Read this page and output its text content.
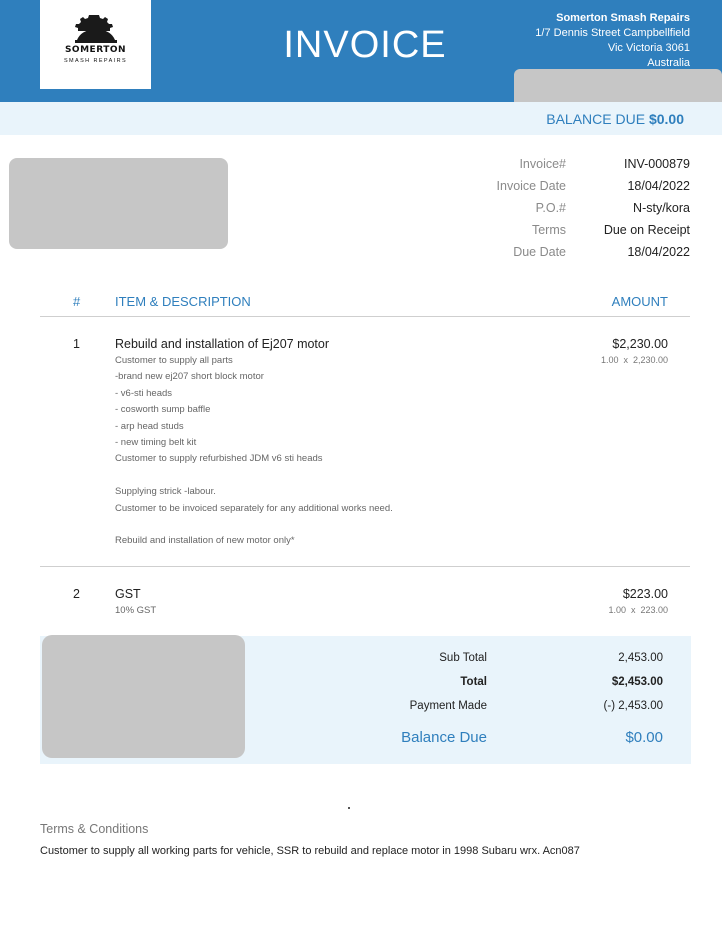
SOMERTON
SMASH REPAIRS	INVOICE
Somerton Smash Repairs
1/7 Dennis Street Campbellfield
Vic Victoria 3061
Australia
BALANCE DUE $0.00
Invoice#	INV-000879
Invoice Date	18/04/2022
P.O.#	N-sty/kora
Terms	Due on Receipt
Due Date	18/04/2022
#	ITEM & DESCRIPTION	AMOUNT
1	Rebuild and installation of Ej207 motor	$2,230.00
1.00  x  2,230.00
Customer to supply all parts
-brand new ej207 short block motor
- v6-sti heads
- cosworth sump baffle
- arp head studs
- new timing belt kit
Customer to supply refurbished JDM v6 sti heads
Supplying strick -labour.
Customer to be invoiced separately for any additional works need.
Rebuild and installation of new motor only*
2	GST	$223.00
1.00  x  223.00
10% GST
Sub Total	2,453.00
Total	$2,453.00
Payment Made	(-) 2,453.00
Balance Due	$0.00
Terms & Conditions
Customer to supply all working parts for vehicle, SSR to rebuild and replace motor in 1998 Subaru wrx. Acn087
